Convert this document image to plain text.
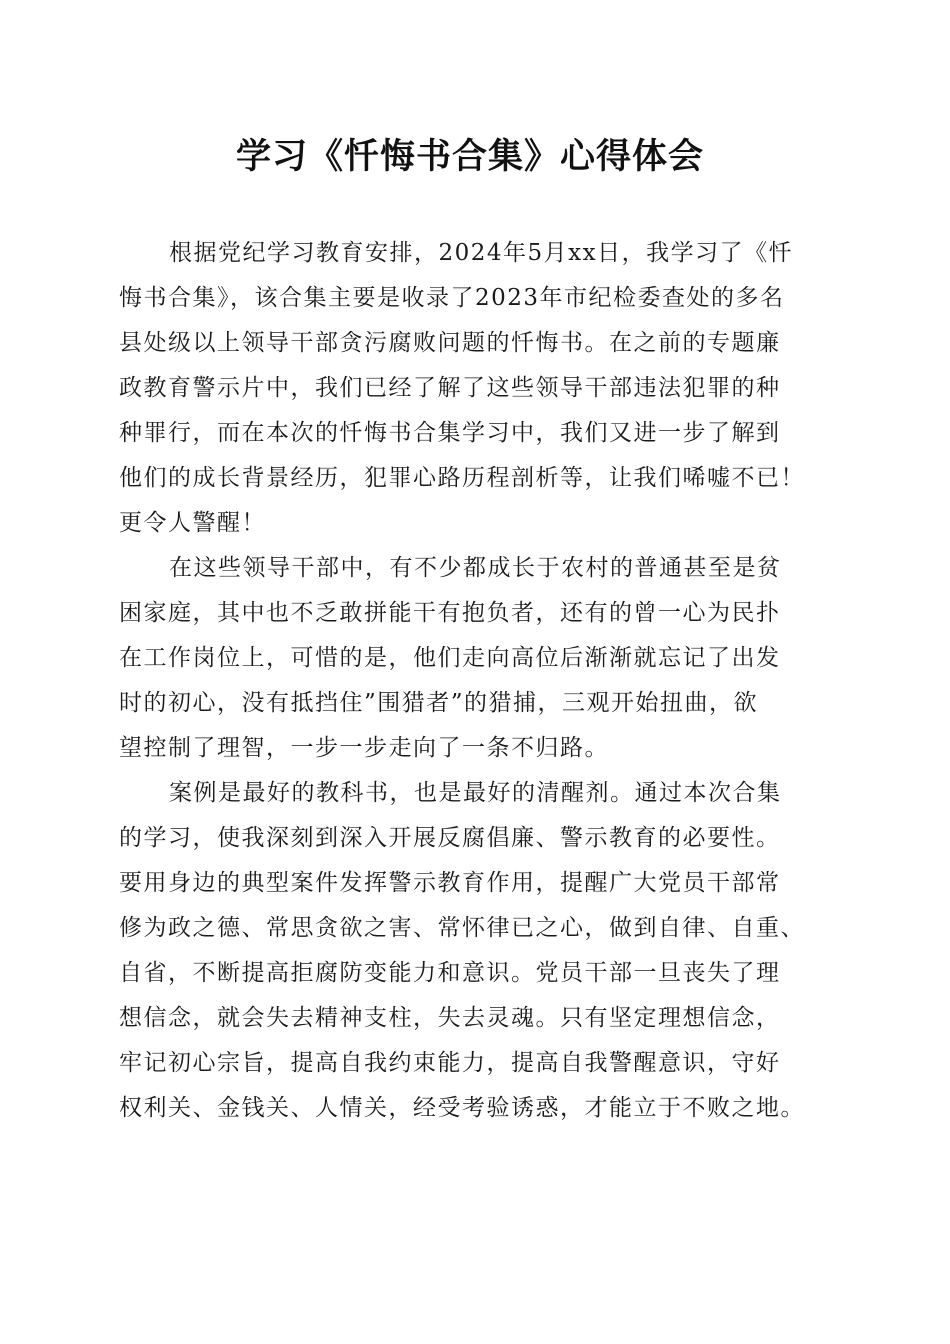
学习《忏悔书合集》心得体会
根据党纪学习教育安排，2024年5月xx日，我学习了《忏
悔书合集》，该合集主要是收录了2023年市纪检委查处的多名
县处级以上领导干部贪污腐败问题的忏悔书。在之前的专题廉
政教育警示片中，我们已经了解了这些领导干部违法犯罪的种
种罪行，而在本次的忏悔书合集学习中，我们又进一步了解到
他们的成长背景经历，犯罪心路历程剖析等，让我们唏嘘不已！
更令人警醒！
在这些领导干部中，有不少都成长于农村的普通甚至是贫
困家庭，其中也不乏敢拼能干有抱负者，还有的曾一心为民扑
在工作岗位上，可惜的是，他们走向高位后渐渐就忘记了出发
时的初心，没有抵挡住”围猎者”的猎捕，三观开始扭曲，欲
望控制了理智，一步一步走向了一条不归路。
案例是最好的教科书，也是最好的清醒剂。通过本次合集
的学习，使我深刻到深入开展反腐倡廉、警示教育的必要性。
要用身边的典型案件发挥警示教育作用，提醒广大党员干部常
修为政之德、常思贪欲之害、常怀律已之心，做到自律、自重、
自省，不断提高拒腐防变能力和意识。党员干部一旦丧失了理
想信念，就会失去精神支柱，失去灵魂。只有坚定理想信念，
牢记初心宗旨，提高自我约束能力，提高自我警醒意识，守好
权利关、金钱关、人情关，经受考验诱惑，才能立于不败之地。
